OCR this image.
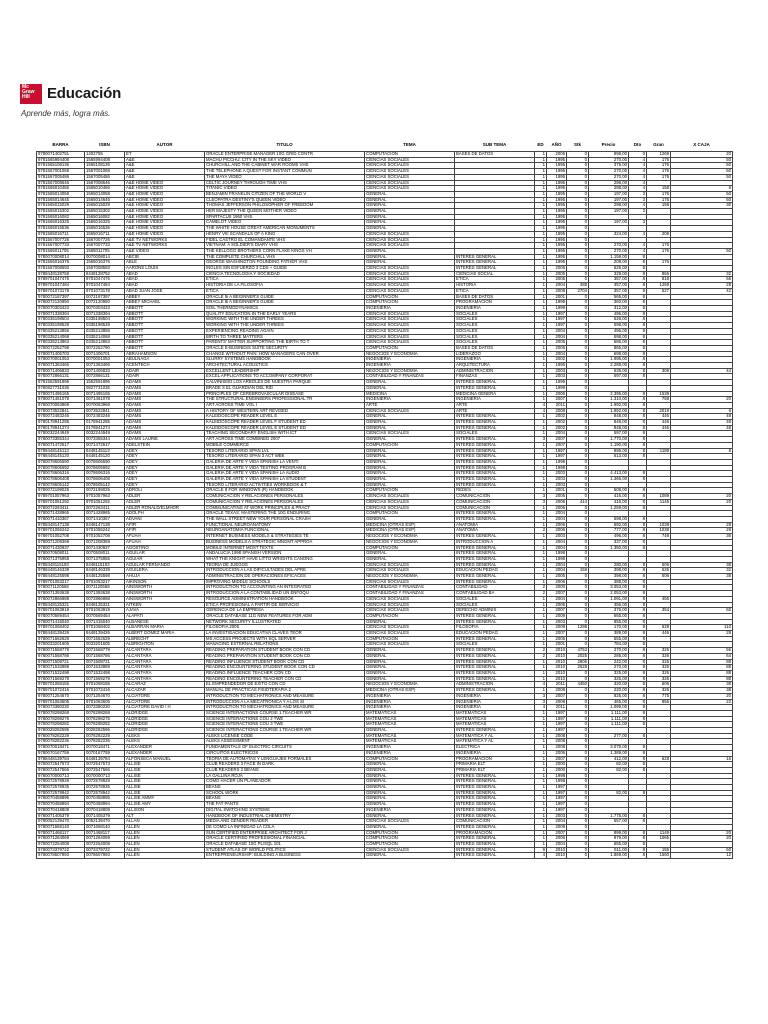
Mc Graw Hill	Educación
Aprende más, logra más.
BARRA	ISBN	AUTOR	TITULO	TEMA	SUB TEMA	ED	AÑO	Stk	Precio	Dto	Gran	X CAJA
9780071402751	1402755	ET	ORACLE ENTERPRISE MANAGER 10G GRID CONTR	COMPUTACION	BASES DE DATOS	1	2005	0	998,00	0	1269	20
9781565994408	1565994408	A&E	MACHU PICCHU: CITY IN THE SKY VIDEO	CIENCIAS SOCIALES		1	1995	0	270,00	4	176	50
9781565108136	1565108136	A&E	CHURCHILL AND THE CABINET WAR ROOMS VHS	CIENCIAS SOCIALES		1	1995	0	375,00	4	176	50
9781567001068	1567001068	A&E	THE TELEPHONE A QUEST FOR INSTANT COMMUN	CIENCIAS SOCIALES		1	1995	0	270,00	4	176	50
9781567005486	1567005486	A&E	THE MAYA VIDEO	CIENCIAS SOCIALES		1	1995	0	270,00	4	176	50
9781567008646	1567008646	A&E HOME VIDEO	CELTIC JOURNEY THROUGH TIME VHS	CIENCIAS SOCIALES		1	1995	0	298,00	4		
9781565010456	1565010456	A&E HOME VIDEO	TITANIC VIDEO	CIENCIAS SOCIALES		1	1995	0	298,00	4	158	8
9781565014058	1565014058	A&E HOME VIDEO	BENJAMIN FRANKLIN CITIZEN OF THE WORLD V	GENERAL		1	1995	0	197,00	3	176	50
9781565014645	1565014645	A&E HOME VIDEO	CLEOPATRA DESTINY'S QUEEN VIDEO	GENERAL		1	1995	0	197,00	3	176	50
9781565015029	1565015029	A&E HOME VIDEO	THOMAS JEFFERSON PHILOSOPHER OF FREEDOM	GENERAL		1	1995	0	298,00	4	158	30
9781565015302	1565015302	A&E HOME VIDEO	HER MAJESTY THE QUEEN MOTHER VIDEO	GENERAL		1	1995	0	197,00	3		
9781565016082	1565016082	A&E HOME VIDEO	SPARTACUS 1960 VHS	GENERAL		1	1995	0				
9781565016325	1565016325	A&E HOME VIDEO	CAMELOT VIDEO	GENERAL		1	1995	0	197,00	3		
9781565016536	1565016536	A&E HOME VIDEO	THE WHITE HOUSE GREAT AMERICAN MONUMENTS	GENERAL		1	1995	0				
9781565016711	1565016711	A&E HOME VIDEO	HENRY VIII SCANDALS OF A KING	CIENCIAS SOCIALES		1	1995	0	324,00	4	208	
9781567007726	1567007726	A&E TV NETWORKS	FIDEL CASTRO EL COMANDANTE VHS	CIENCIAS SOCIALES		1	1995	0				
9781567007733	1567007733	A&E TV NETWORKS	VIETNAM: A SOLDIER'S DIARY VHS	CIENCIAS SOCIALES		1	1995	0	270,00	4	176	
9781565011705	1565011705	A&E VIDEO	THE KELLOGG BROTHERS CORN FLAKE KINGS VH	GENERAL		1	1995	0	270,00	4	176	50
9780070008014	0070008014	ABCIB	THE COMPLETE CHURCHILL VHS	GENERAL	INTERES GENERAL	1	1995	0	1.159,00	8		
9781565016376	1565016376	ABLE	GEORGE WASHINGTON FOUNDING FATHER VHS	GENERAL	INTERES GENERAL	1	1995	0	208,00	8	176	
9781567008593	1567008593	AARONS LOUIS	INGLES SIN ESFUERZO 3 CDS + GUIDE	CIENCIAS SOCIALES	INTERES GENERAL	1	2005	0	525,00	8		
9788448128759	8448128752	ABAD	CIENCIA TECNOLOGIA Y SOCIEDAD	CIENCIAS SOCIALES	CIENCIAS SOCIAL	1	2005	0	329,00	8	866	32
9789701047476	9701047476	ABAD	ETICA	CIENCIAS SOCIALES	ETICA	1	2005	0	357,00	8	818	56
9789701047484	9701047484	ABAD	HISTORIA DE LA FILOSOFIA	CIENCIAS SOCIALES	HISTORIA	1	2004	488	357,00	8	1259	28
9789701073178	9701073178	ABAD JUAN JOSE	ETICA	CIENCIAS SOCIALES	ETICA	1	2008	2704	357,00	8	527	42
9780072187397	0072187397	ABBEY	ORACLE 9i A BEGINNER'S GUIDE	COMPUTACION	BASES DE DATOS	1	2001	0	565,00	8		
9780072120950	0072120950	ABBEY MICHAEL	ORACLE 8i A BEGINNER'S GUIDE	COMPUTACION	PROGRAMACION	1	1999	0	360,00	8		
9780070303423	0070303423	ABBOTT	SOIL THERMODYNAMICS	INGENIERIA	INGENIERIA	1	1999	0	312,00	8		
9780071338394	0071338394	ABBOTT	QUALITY EDUCATION IN THE EARLY YEARS	CIENCIAS SOCIALES	SOCIALES	1	1997	0	496,00	8		
9780335198504	0335198504	ABBOTT	WORKING WITH THE UNDER THREES	CIENCIAS SOCIALES	SOCIALES	1	1997	0	526,00	8		
9780335198528	0335198528	ABBOTT	WORKING WITH THE UNDER THREES	CIENCIAS SOCIALES	SOCIALES	1	1997	0	598,00	8		
9780335213856	0335213856	ABBOTT	EXPERIENCING READING AGAIN	CIENCIAS SOCIALES	SOCIALES	1	2004	0	496,00	8		
9780335214068	0335214068	ABBOTT	BIRTH TO THREE MATTERS	CIENCIAS SOCIALES	SOCIALES	1	2004	0	598,00	8		
9780335213863	0335213863	ABBOTT	PARENTS' MATTER SUPPORTING THE BIRTH TO T	CIENCIAS SOCIALES	SOCIALES	1	2005	0	586,00	8		
9780072252798	0072252790	ABBOTT	ORACLE E-BUSINESS SUITE SECURITY	COMPUTACION	BASES DE DATOS	1	2005	0	865,00	8		
9780071406703	0071406701	ABRAHAMSON	CHANGE WITHOUT PAIN: HOW MANAGERS CAN OVER	NEGOCIOS Y ECONOMIA	LIDERAZGO	1	2004	0	698,00	8		
9780070001053	0070001053	ABULNAGA	SLURRY SYSTEMS HANDBOOK	INGENIERIA	INGENIERIA	1	2002	0	1.995,00	8		
9780071363466	0071363466	ACENTECH	ARCHITECTURAL ACOUSTICS	INGENIERIA	ARQUITECTURA	1	1995	0	2.288,00	8		
9780071406833	0071406833	ADAIR	EXCELLENT LEADERSHIP	NEGOCIOS Y ECONOMIA	ADMINISTRACION	1	2003	0	535,00	8	306	44
9780072866131	0072866131	ADAIR	EXCEL APPLICATIONS TO ACCOMPANY CORPORAT	CONTABILIDAD Y FINANZAS	FINANZAS	1	2003	0	597,00	8		
9781562591896	1562591896	ADAMS	CALVINISMO LOS ARBOLES DE NUESTRA PARQUE	GENERAL	INTERES GENERAL	1	1999	0				
9780827731036	0827731036	ADAMS	BRADE S EL GUARDIAN DEL RID	GENERAL	INTERES GENERAL	1	1999	0				
9780071495165	0071495165	ADAMS	PRINCIPLES OF CEREBROVASCULAR DISEASE	MEDICINA	MEDICINA GENERA	1	2006	0	2.395,00	8	1539	
9780071461078	0071461078	ADAMS	THE STRUCTURAL ENGINEERS PROFESSIONAL TR	INGENIERIA	INGENIERIA	1	2007	0	1.310,00	8	759	20
9780070063969	0070063969	ADAMS	ART ACROSS TIME VOL I	ARTE	ARTE	4	2011	0	1.992,00	8		
9780073522841	0073522841	ADAMS	A HISTORY OF WESTERN ART REVISED	CIENCIAS SOCIALES	ARTE	4	2008	0	1.992,00	8	2019	6
9780072483246	0072483246	ADAMS	KALEIDOSCOPE READER LEVEL E	GENERAL	INTERES GENERAL	1	2002	0	848,00	8	446	48
9780178941285	0178941285	ADAMS	KALEIDOSCOPE READER LEVEL F STUDENT ED	GENERAL	INTERES GENERAL	1	2002	0	848,00	8	446	48
9780178941274	0178941274	ADAMS	KALEIDOSCOPE READER LEVEL E STUDENT ED	GENERAL	INTERES GENERAL	1	2002	0	848,00	8	446	48
9780032244949	0032244949	ADAMS	TEACHING SECONDARY ENGLISH WITH ICT	CIENCIAS SOCIALES	SOCIALES	1	2004	0	597,00	8		
9780073355344	0073355344	ADAMS LAURIE	ART ACROSS TIME COMBINED 2007	GENERAL	INTERES GENERAL	3	2007	0	1.770,00	8		
9780071472517	0071472517	ADELSTEIN	MOBILE COMMERCE	COMPUTACION	INTERES GENERAL	1	2007	0	1.190,00	8		
9788448145113	8448145113	ADEY	TESORO LITERARIO SPAN LVL	GENERAL	INTERES GENERAL	1	1997	0	895,00	8	1189	8
9788448145120	8448145120	ADEY	TESORO LITERARIO SPAN 3 ACT WBK	GENERAL	INTERES GENERAL	1	1997	0	513,00	8		
9780078606590	0078606590	ADEY	GALERIA DE ARTE Y VIDA SPANISH LA VENTI	GENERAL	INTERES GENERAL	1	1998	0				
9780078605692	0078605692	ADEY	GALERIA DE ARTE Y VIDA TESTING PROGRAM B	GENERAL	INTERES GENERAL	1	1998	0				
9780078606316	0078606316	ADEY	GALERIA DE ARTE Y VIDA SPANISH LA AUDIO	GENERAL	INTERES GENERAL	1	2003	0	4.413,00	8		
9780078606408	0078606408	ADEY	GALERIA DE ARTE Y VIDA SPANISH LA STUDENT	GENERAL	INTERES GENERAL	1	2003	0	1.366,00	8		
9780078605142	0078605142	ADEY	TESORO LITERARIO ACTIVITIES WORKBOOK & T	GENERAL	INTERES GENERAL	1	2003	0				
9780072199025	0072199025	ADROLI	ORACLE 8 FOR WINDOWS (R) HANDBOOK	COMPUTACION	REDES	1	2001	0	508,00	8		
9789701057963	9701057963	ADLER	COMUNICACION Y RELACIONES PERSONALES	CIENCIAS SOCIALES	COMUNICACION	3	2005	0	416,00	8	1089	20
9789701051292	9701051292	ADLER	COMUNICACION Y RELACIONES PERSONALES	CIENCIAS SOCIALES	COMUNICACION	3	2005	414	416,00	8	1145	20
9780072263411	0072263411	ADLER RONALD/ELMHOR	COMMUNICATING AT WORK PRINCIPLES & PRACT	CIENCIAS SOCIALES	COMUNICACION	1	2006	0	1.259,00	8		
9780071428965	0071428965	ADOLPH	ORACLE TEXAS: MASTERING THE 10G ENDURING	COMPUTACION	INTERES GENERAL	1	2004	0				
9780071410367	0071410367	ADVANI	THE WALL STREET NEW YOUR PERSONAL CRASH	GENERAL	INTERES GENERAL	1	2004	0	598,00	8		
9788448147138	8448147138	AFIFI	FUNCTIONAL NEUROANATOMY	MEDICINA (OTRAS ESP)	ANATOMIA	1	2006	0	692,00	8	1038	28
9789701055242	9701055242	AFIFI	NEUROANATOMIA FUNCIONAL	MEDICINA (OTRAS ESP)	ANATOMIA	2	2006	0	777,00	8	1038	28
9789701052708	9701052708	AFUAH	INTERNET BUSINESS MODELS & STRATEGIES TE	NEGOCIOS Y ECONOMIA	INTERES GENERAL	1	2003	0	496,00	8	749	36
9780071208369	0071208369	AFUAH	BUSINESS MODELS A STRATEGIC MNGMT APPROA	NEGOCIOS Y ECONOMIA	INTRODUCCION A	1	2004	0	337,00	8		
9780071430937	0071430937	AGOSTINO	MOBILE INTERNET MOST TEXTS	COMPUTACION	INTERES GENERAL	1	2004	0	1.350,00	8		
9780070508011	0070508011	AGUILAR	ANDALUCIA 1998 SPANISH VERSION	GENERAL	INTERES GENERAL	1	1998	0				
9780071375955	0071375955	AGUIAR	WHAT THE KNIGHT HAVE LITTO WRIGHTS CANONG	GENERAL	INTERES GENERAL	1	1998	0				
9788448115193	8448115193	AGUILAR FERNANDO	TEORIA DE JUEGOS	CIENCIAS SOCIALES	INTERES GENERAL	1	2004	0	280,00	8	506	38
9788448146339	8448146339	AGUILERA	INTRODUCCION A LAS DIFICULTADES DEL APRE	CIENCIAS SOCIALES	EDUCACION PEDAG	1	2004	158	398,00	8	526	32
9788448125598	8448125598	AHUJA	ADMINISTRACION DE OPERACIONES EFICACES	NEGOCIOS Y ECONOMIA	INTERES GENERAL	1	2005	0	398,00	8	506	38
9789701053217	9701053217	AIKINSON	IMPROVING MIDDLE SCHOOLS	CIENCIAS SOCIALES	INTERES GENERAL	1	2006	0	388,00	8		
9780071120568	0071120568	AINSWORTH	INTRODUCTION TO ACCOUNTING AN INTEGRATED	CONTABILIDAD Y FINANZAS	CONTABILIDAD	2	2000	0	3.053,00	8		
9780071393638	0071393638	AINSWORTH	INTRODUCCION A LA CONTABILIDAD UN ENFOQU	CONTABILIDAD Y FINANZAS	CONTABILIDAD BA	2	2007	0	2.053,00	8		
9780072866988	0072866988	AINSWORTH	RESOURCE ADMINISTRATION HANDBOOK	CIENCIAS SOCIALES	SOCIALES	1	2004	0	1.091,00	8	456	
9788448125321	8448125321	AITKEN	ETICA PROFESIONAL A PARTIR DE SERVICIO	CIENCIAS SOCIALES	SOCIALES	1	2005	0	356,00	8		
9789701063919	9701063919	AJAVA	GERENCIA DE LA EMPRESA	CIENCIAS SOCIALES	DERECHO ADMINIS	1	2007	0	376,00	8	354	60
9780070569454	0070569454	ALAPATI	ORACLE DATABASE 11G NEW FEATURES FOR ADM	COMPUTACION	INTERES GENERAL	1	2009	0	655,00	8		
9780071415040	0071415040	ALBANESE	NETWORK SECURITY ILLUSTRATED	GENERAL	INTERES GENERAL	1	2003	0	855,00	8		
9789701068402	9701068402	ALBARRAN MARIA	FILOSOFIA 2005	CIENCIAS SOCIALES	FILOSOFIA	1	2008	1298	170,00	8	628	110
9788448139426	8448139426	ALBERT GOMEZ MARIA	LA INVESTIGACION EDUCATIVA CLAVES TEOR	CIENCIAS SOCIALES	EDUCACION PEDAG	1	2007	0	389,00	8	446	28
9780071562629	0071562629	ALBRECHT	MS ACCESS PROJECTS WITH SQL SERVER	COMPUTACION	INTERES GENERAL	1	2005	0	555,00	8		
9780033201605	0033201605	ALBRIGHTON	MANAGING EXTERNAL RELATIONS	CIENCIAS SOCIALES	SOCIALES	1	2001	0	784,00	8		
9780071568779	0071568779	ALCANTARA	READING PREPARATION STUDENT BOOK CON CD	GENERAL	INTERES GENERAL	2	2010	4753	270,00	8	326	56
9780071568786	0071568786	ALCANTARA	READING PREPARATION STUDENT BOOK CON CD	GENERAL	INTERES GENERAL	2	2010	2025	285,00	8	326	64
9780071508721	0071508721	ALCANTARA	READING INFLUENCE STUDENT BOOK CON CD	GENERAL	INTERES GENERAL	1	2010	2806	242,00	8	326	88
9780071533989	0071533989	ALCANTARA	READING ENCOUNTERING STUDENT BOOK CON CD	GENERAL	INTERES GENERAL	1	2010	2628	270,00	8	326	88
9780071532498	0071532498	ALCANTARA	READING INFLUENCE TEACHER CON CD	GENERAL	INTERES GENERAL	1	2010	0	325,00	8	326	88
9780071569279	0071569279	ALCANTARA	READING ENCOUNTERING TEACHER CON CD	GENERAL	INTERES GENERAL	1	2010	0	325,00	8	326	88
9789701068155	9701068155	ALCARAZ	EL EMPRENDEDOR DE EXITO CON CD	NEGOCIOS Y ECONOMIA	ADMINISTRACION	4	2011	4450	320,00	8	606	38
9789701072416	9701072416	ALCAZAR	MANUAL DE PRACTICAS FISIOTERAPIA 2	MEDICINA (OTRAS ESP)	INTERES GENERAL	1	2008	0	220,00	8	326	38
9780071254670	0071254670	ALCIATORE	INTRODUCTION TO MECHATRONICS AND MEASURE	INGENIERIA	INGENIERIA	3	2007	0	825,00	8	775	20
9789701063605	9701063605	ALCIATORE	INTRODUCCION A LA MECATRONICA Y A LOS SI	INGENIERIA	INGENIERIA	3	2008	0	465,00	8	856	22
9780073380230	0073380230	ALCIATORE DAVID / H	INTRODUCTION TO MECHATRONICS AND MEASURE	INGENIERIA	INGENIERIA	4	2011	0	1.099,00	8		
9780078298268	0078298268	ALDRIDGE	SCIENCE INTERACTIONS COURSE 1 TEACHER WR	MATEMATICAS	MATEMATICAS	1	1997	0	1.111,00	8		
9780078298275	0078298275	ALDRIDGE	SCIENCE INTERACTIONS COU 2 TWE	MATEMATICAS	MATEMATICAS	1	1997	0	1.111,00	8		
9780078298282	0078298282	ALDRIDGE	SCIENCE INTERACTIONS COU 3 TWE	MATEMATICAS	MATEMATICAS	1	1997	0	1.111,00	8		
9780028282596	0028282596	ALDRIDGE	SCIENCE INTERACTIONS COURSE 1 TEACHER WR	GENERAL	INTERES GENERAL	1	1997	0				
9780078282229	0078282229	ALEKS	ALEKS LICENSE CODE	MATEMATICAS	MATEMATICA Y AL	1	2008	0	277,00	8		
9780078282236	0078282236	ALEKS	ALEKS ASSESSMENT	MATEMATICAS	MATEMATICA Y AL	1	2008	0				
9780070018471	0070018471	ALEXANDER	FUNDAMENTALS OF ELECTRIC CIRCUITS	INGENIERIA	ELECTRICA	1	2008	0	3.079,00	8		
9780070167759	0070167759	ALEXANDER	CIRCUITOS ELECTRICOS	INGENIERIA	INGENIERIA	1	2006	0	1.389,00	8		
9788448139784	8448139784	ALFONSECA MANUEL	TEORIA DE AUTOMATAS Y LENGUAJES FORMALES	COMPUTACION	PROGRAMACION	1	2007	0	412,00	8	628	16
9780072547573	0072547573	ALLISE	CLUB READERS 3 FACE IN DARK	GENERAL	PRIMARIA ELT	1	2000	0	82,00	8		
9780072547566	0072547566	ALLISE	CLUB READERS 2 BEANS	GENERAL	PRIMARIA ELT	1	2000	0	82,00	8		
9780070000713	0070000713	ALLISE	LA GALLINA ROJA	GENERAL	INTERES GENERAL	1	1998	0				
9780072578928	0072578928	ALLISE	COMO HACER UN PLANEADOR	GENERAL	INTERES GENERAL	1	1998	0				
9780072578935	0072578935	ALLISE	BEANS	GENERAL	INTERES GENERAL	1	1997	0				
9780072578942	0072578942	ALLISE	SCHOOL WORK	GENERAL	INTERES GENERAL	1	1997	0	82,00	8		
9780070458895	0070458895	ALLISE AMMY	BEANS	GENERAL	INTERES GENERAL	1	1997	0				
9780070458994	0070458994	ALLISE AMY	THE FAT PANTS	GENERAL	INTERES GENERAL	1	1997	0				
9780070418808	0070418808	ALLISON	DIGITAL SWITCHING SYSTEMS	INGENIERIA	INTERES GENERAL	1	1997	0				
9780071405379	0071405379	ALT	HANDBOOK OF INDUSTRIAL CHEMISTRY	GENERAL	INTERES GENERAL	1	2003	0	1.775,00	8		
9780052139470	0052139470	ALLAN	MEDIA AND GENDER READER	CIENCIAS SOCIALES	COMUNICACION	1	2004	0	557,00	8		
9780071668140	0071668140	ALLEN	DE COMO LA INFINIDAD LA COLA	GENERAL	INTERES GENERAL	1	2009	0				
9780071468117	0071468117	ALLEN	SUN CERTIFIED ENTERPRISE ARCHITECT FOR J	COMPUTACION	PROGRAMACION	1	2007	0	899,00	8	1149	20
9780071264069	0071264069	ALLEN	ORACLE CERTIFIED PROFESSIONAL FINANCIAL	COMPUTACION	INTERES GENERAL	1	2006	0	879,00	8	1065	20
9780072254008	0072254008	ALLEN	ORACLE DATABASE 10G PL/SQL 101	COMPUTACION	INTERES GENERAL	1	2004	0	655,00	8		
9780073379722	0073379722	ALLEN	STUDENT ATLAS OF WORLD POLITICS	CIENCIAS SOCIALES	INTERES GENERAL	9	2010	0	511,00	8	155	60
9780078607993	0078607993	ALLEN	ENTREPRENEURSHIP: BUILDING A BUSINESS	GENERAL	INTERES GENERAL	4	2010	0	1.869,00	8	1560	12
